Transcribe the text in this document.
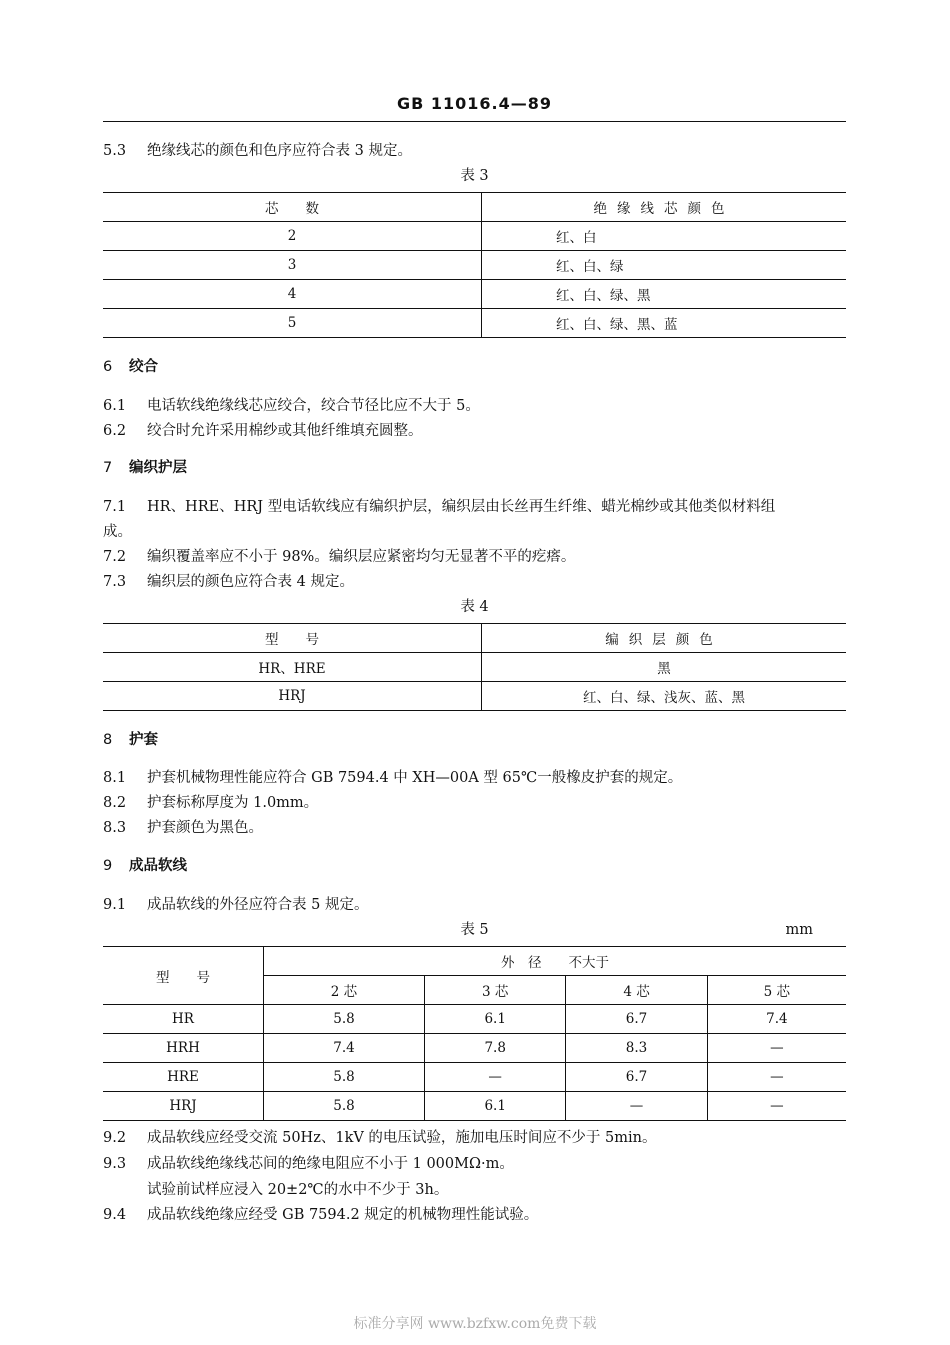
GB 11016.4—89
5.3 绝缘线芯的颜色和色序应符合表 3 规定。
表 3
芯　　数	绝缘线芯颜色
2	红、白
3	红、白、绿
4	红、白、绿、黑
5	红、白、绿、黑、蓝
6 绞合
6.1 电话软线绝缘线芯应绞合，绞合节径比应不大于 5。
6.2 绞合时允许采用棉纱或其他纤维填充圆整。
7 编织护层
7.1 HR、HRE、HRJ 型电话软线应有编织护层，编织层由长丝再生纤维、蜡光棉纱或其他类似材料组
成。
7.2 编织覆盖率应不小于 98%。编织层应紧密均匀无显著不平的疙瘩。
7.3 编织层的颜色应符合表 4 规定。
表 4
型　　号	编织层颜色
HR、HRE	黑
HRJ	红、白、绿、浅灰、蓝、黑
8 护套
8.1 护套机械物理性能应符合 GB 7594.4 中 XH—00A 型 65℃一般橡皮护套的规定。
8.2 护套标称厚度为 1.0mm。
8.3 护套颜色为黑色。
9 成品软线
9.1 成品软线的外径应符合表 5 规定。
表 5	mm
型　　号	外　径　　不大于			
	2 芯	3 芯	4 芯	5 芯
HR	5.8	6.1	6.7	7.4
HRH	7.4	7.8	8.3	—
HRE	5.8	—	6.7	—
HRJ	5.8	6.1	—	—
9.2 成品软线应经受交流 50Hz、1kV 的电压试验，施加电压时间应不少于 5min。
9.3 成品软线绝缘线芯间的绝缘电阻应不小于 1 000MΩ·m。
试验前试样应浸入 20±2℃的水中不少于 3h。
9.4 成品软线绝缘应经受 GB 7594.2 规定的机械物理性能试验。
标准分享网 www.bzfxw.com免费下载
